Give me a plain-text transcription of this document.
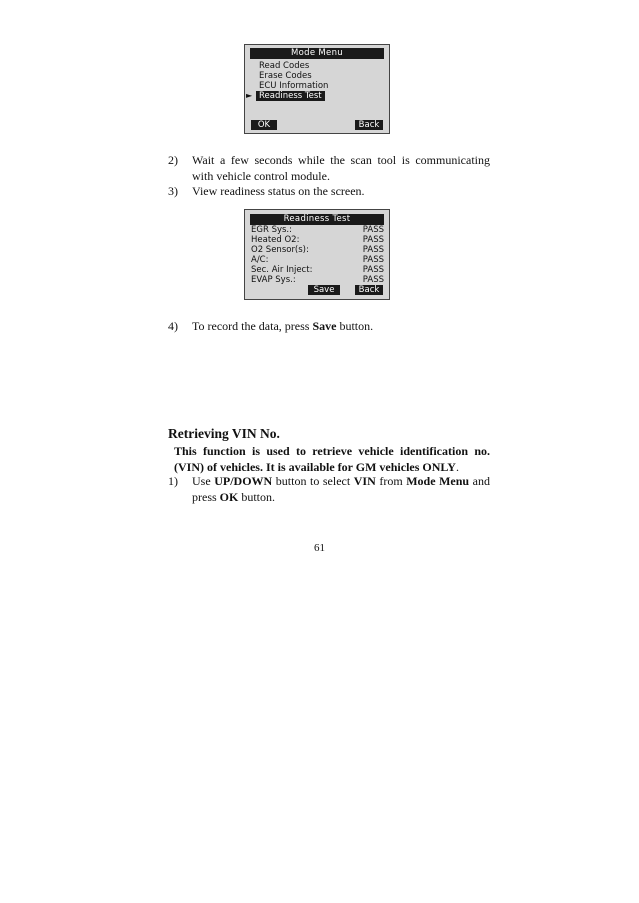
Mode Menu
Read Codes
Erase Codes
ECU Information
► Readiness Test
OK	Back
2) Wait a few seconds while the scan tool is communicating with vehicle control module.
3) View readiness status on the screen.
Readiness Test
EGR Sys.:	PASS
Heated O2:	PASS
O2 Sensor(s):	PASS
A/C:	PASS
Sec. Air Inject:	PASS
EVAP Sys.:	PASS
Save	Back
4) To record the data, press Save button.
Retrieving VIN No.
This function is used to retrieve vehicle identification no. (VIN) of vehicles. It is available for GM vehicles ONLY.
1) Use UP/DOWN button to select VIN from Mode Menu and press OK button.
61
